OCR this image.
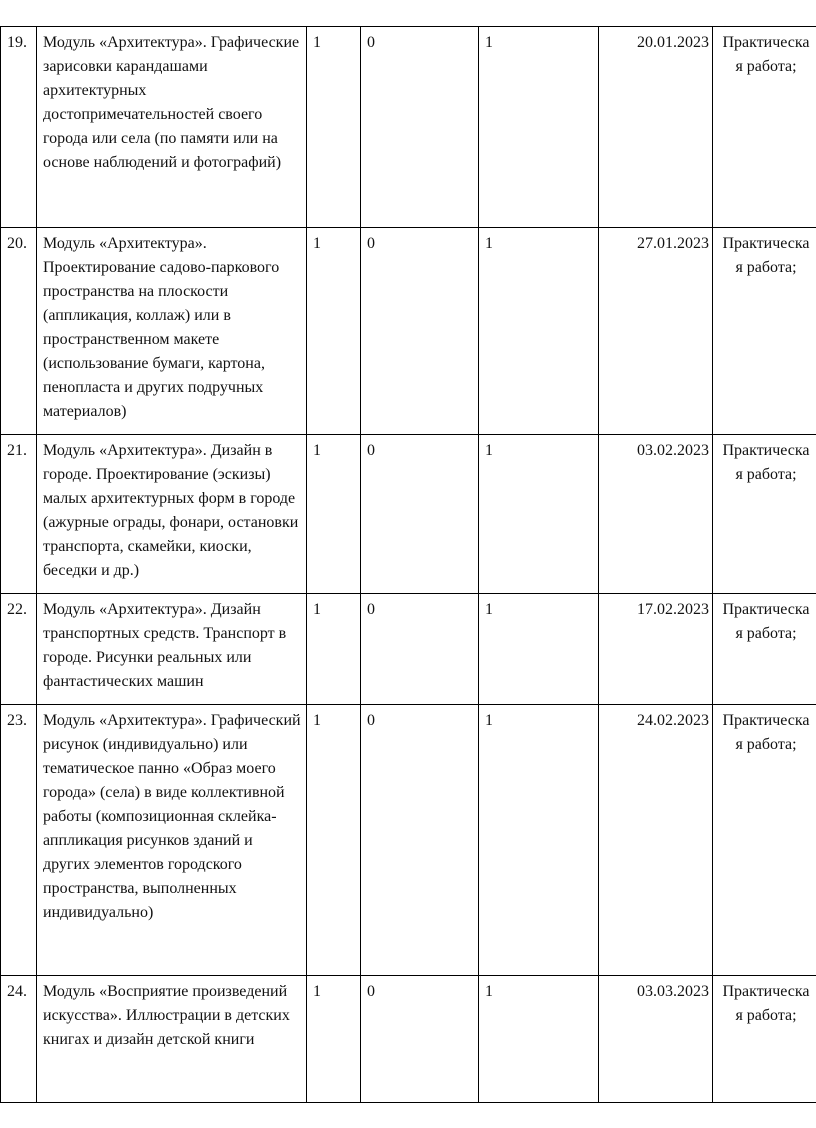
19.	Модуль «Архитектура». Графические зарисовки карандашами архитектурных достопримечательностей своего города или села (по памяти или на основе наблюдений и фотографий)	1	0	1	20.01.2023	Практическая работа;
20.	Модуль «Архитектура». Проектирование садово-паркового пространства на плоскости (аппликация, коллаж) или в пространственном макете (использование бумаги, картона, пенопласта и других подручных материалов)	1	0	1	27.01.2023	Практическая работа;
21.	Модуль «Архитектура». Дизайн в городе. Проектирование (эскизы) малых архитектурных форм в городе (ажурные ограды, фонари, остановки транспорта, скамейки, киоски, беседки и др.)	1	0	1	03.02.2023	Практическая работа;
22.	Модуль «Архитектура». Дизайн транспортных средств. Транспорт в городе. Рисунки реальных или фантастических машин	1	0	1	17.02.2023	Практическая работа;
23.	Модуль «Архитектура». Графический рисунок (индивидуально) или тематическое панно «Образ моего города» (села) в виде коллективной работы (композиционная склейка-аппликация рисунков зданий и других элементов городского пространства, выполненных индивидуально)	1	0	1	24.02.2023	Практическая работа;
24.	Модуль «Восприятие произведений искусства». Иллюстрации в детских книгах и дизайн детской книги	1	0	1	03.03.2023	Практическая работа;
